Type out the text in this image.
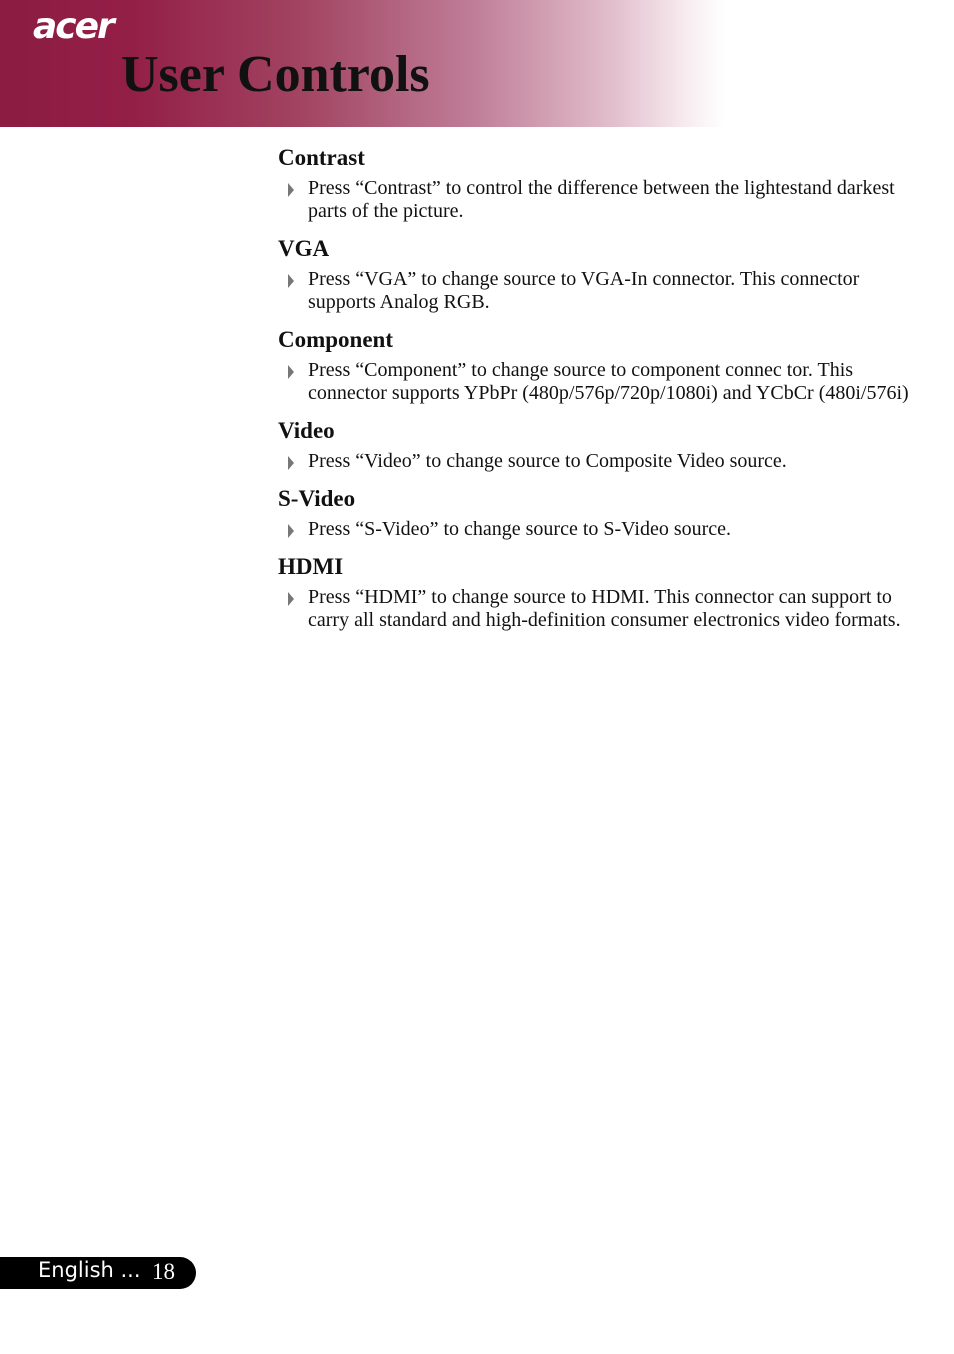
acer
User Controls
Contrast
Press “Contrast” to control the difference between the lightestand darkest parts of the picture.
VGA
Press “VGA” to change source to VGA-In connector. This connector supports Analog RGB.
Component
Press “Component” to change source to component connec tor. This connector supports YPbPr (480p/576p/720p/1080i) and YCbCr (480i/576i)
Video
Press “Video” to change source to Composite Video source.
S-Video
Press “S-Video” to change source to S-Video source.
HDMI
Press “HDMI” to change source to HDMI. This connector can support to carry all standard and high-definition consumer electronics video formats.
English ... 18
